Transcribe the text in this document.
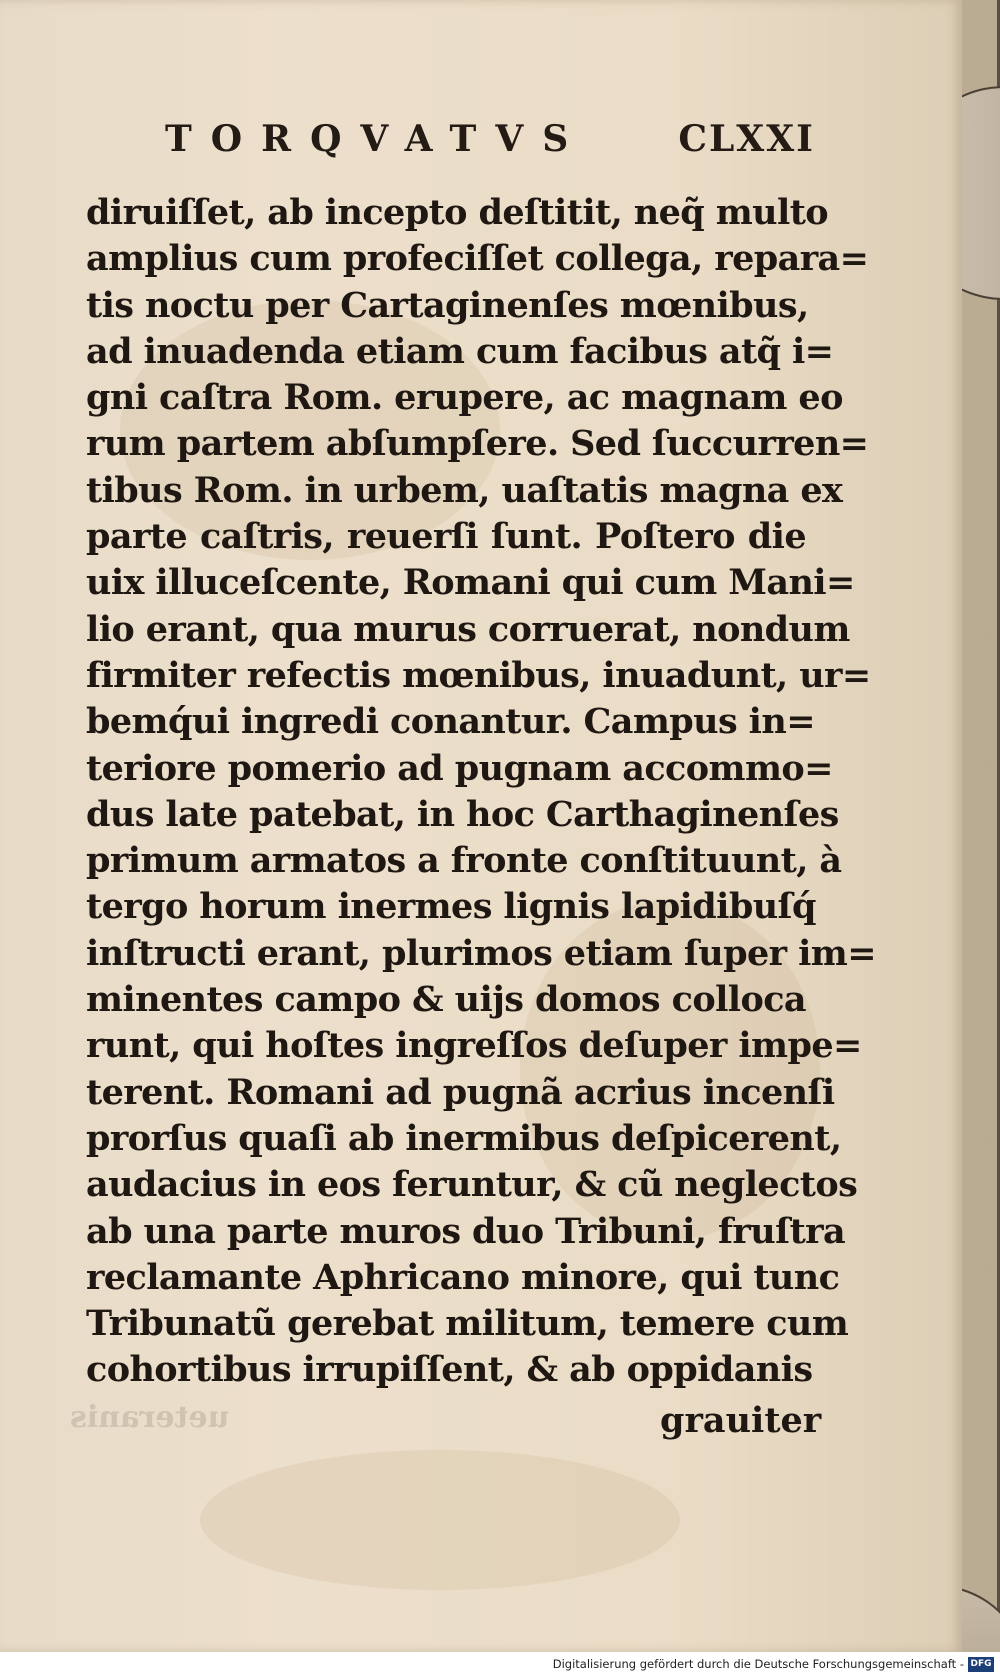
TORQVATVS	CLXXI
diruiſſet, ab incepto deſtitit, neq̃ multo
amplius cum profeciſſet collega, repara=
tis noctu per Cartaginenſes mœnibus,
ad inuadenda etiam cum facibus atq̃ i=
gni caſtra Rom. erupere, ac magnam eo
rum partem abſumpſere. Sed ſuccurren=
tibus Rom. in urbem, uaſtatis magna ex
parte caſtris, reuerſi ſunt. Poſtero die
uix illuceſcente, Romani qui cum Mani=
lio erant, qua murus corruerat, nondum
firmiter refectis mœnibus, inuadunt, ur=
bemq́ui ingredi conantur. Campus in=
teriore pomerio ad pugnam accommo=
dus late patebat, in hoc Carthaginenſes
primum armatos a fronte conſtituunt, à
tergo horum inermes lignis lapidibuſq́
inſtructi erant, plurimos etiam ſuper im=
minentes campo & uijs domos colloca
runt, qui hoſtes ingreſſos deſuper impe=
terent. Romani ad pugnã acrius incenſi
prorſus quaſi ab inermibus deſpicerent,
audacius in eos feruntur, & cũ neglectos
ab una parte muros duo Tribuni, fruſtra
reclamante Aphricano minore, qui tunc
Tribunatũ gerebat militum, temere cum
cohortibus irrupiſſent, & ab oppidanis
ueteranis	grauiter
Digitalisierung gefördert durch die Deutsche Forschungsgemeinschaft - DFG
